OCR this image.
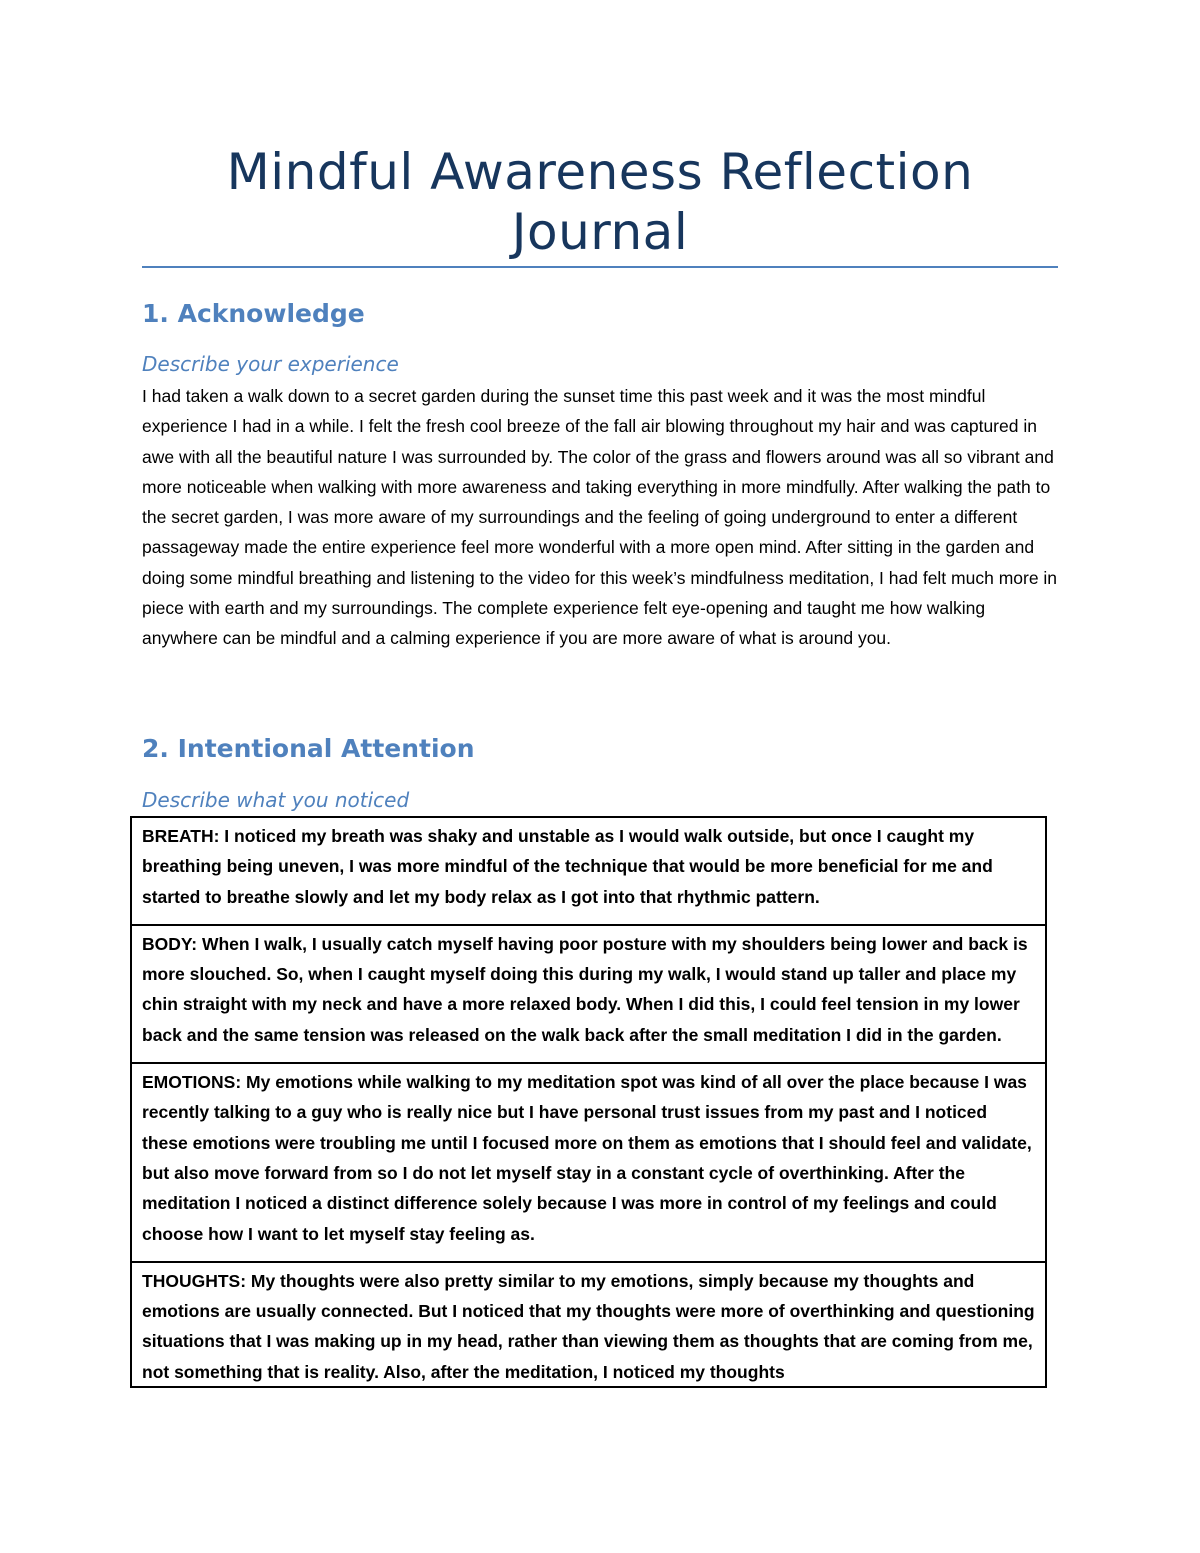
Mindful Awareness Reflection Journal
1. Acknowledge
Describe your experience

I had taken a walk down to a secret garden during the sunset time this past week and it was the most mindful experience I had in a while. I felt the fresh cool breeze of the fall air blowing throughout my hair and was captured in awe with all the beautiful nature I was surrounded by. The color of the grass and flowers around was all so vibrant and more noticeable when walking with more awareness and taking everything in more mindfully. After walking the path to the secret garden, I was more aware of my surroundings and the feeling of going underground to enter a different passageway made the entire experience feel more wonderful with a more open mind. After sitting in the garden and doing some mindful breathing and listening to the video for this week’s mindfulness meditation, I had felt much more in piece with earth and my surroundings. The complete experience felt eye-opening and taught me how walking anywhere can be mindful and a calming experience if you are more aware of what is around you.

2. Intentional Attention
Describe what you noticed
BREATH: I noticed my breath was shaky and unstable as I would walk outside, but once I caught my breathing being uneven, I was more mindful of the technique that would be more beneficial for me and started to breathe slowly and let my body relax as I got into that rhythmic pattern.

BODY: When I walk, I usually catch myself having poor posture with my shoulders being lower and back is more slouched. So, when I caught myself doing this during my walk, I would stand up taller and place my chin straight with my neck and have a more relaxed body. When I did this, I could feel tension in my lower back and the same tension was released on the walk back after the small meditation I did in the garden.

EMOTIONS: My emotions while walking to my meditation spot was kind of all over the place because I was recently talking to a guy who is really nice but I have personal trust issues from my past and I noticed these emotions were troubling me until I focused more on them as emotions that I should feel and validate, but also move forward from so I do not let myself stay in a constant cycle of overthinking. After the meditation I noticed a distinct difference solely because I was more in control of my feelings and could choose how I want to let myself stay feeling as.

THOUGHTS: My thoughts were also pretty similar to my emotions, simply because my thoughts and emotions are usually connected. But I noticed that my thoughts were more of overthinking and questioning situations that I was making up in my head, rather than viewing them as thoughts that are coming from me, not something that is reality. Also, after the meditation, I noticed my thoughts
